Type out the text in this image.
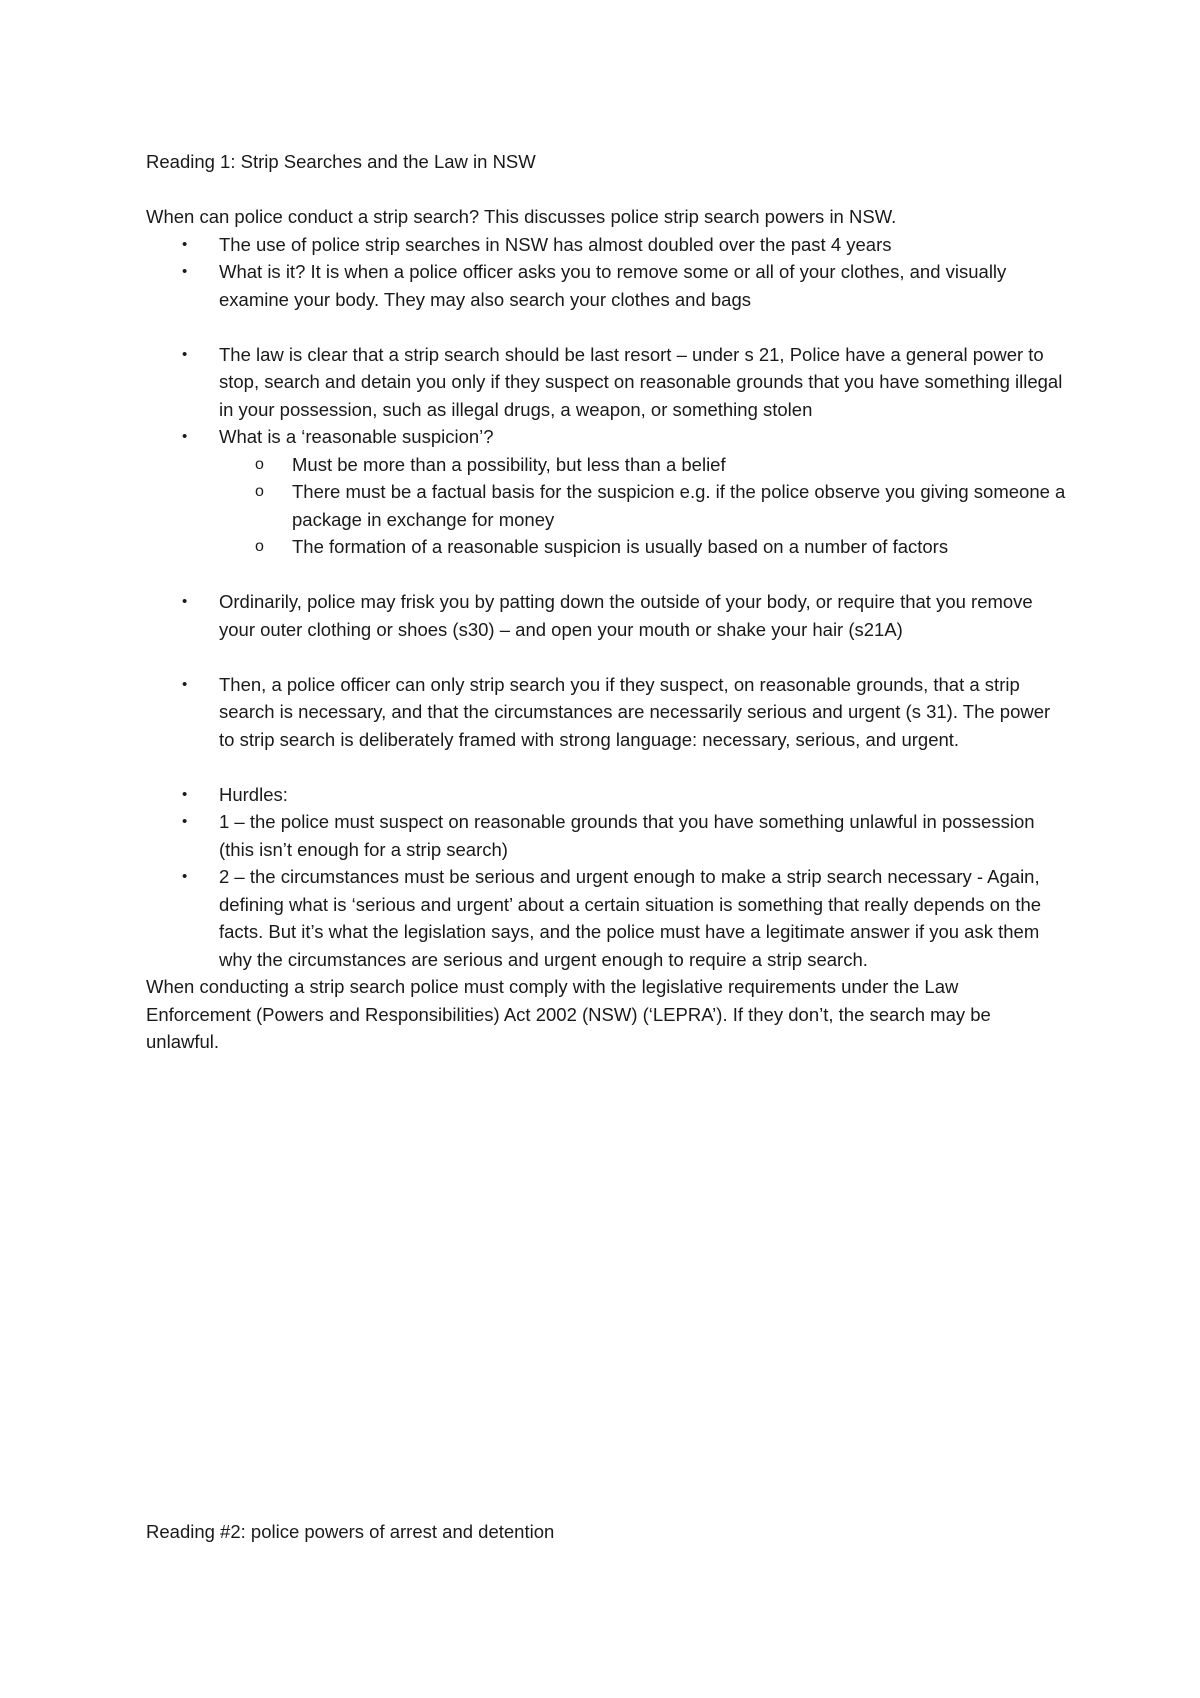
Reading 1: Strip Searches and the Law in NSW

When can police conduct a strip search? This discusses police strip search powers in NSW.

• The use of police strip searches in NSW has almost doubled over the past 4 years
• What is it? It is when a police officer asks you to remove some or all of your clothes, and visually examine your body. They may also search your clothes and bags
• The law is clear that a strip search should be last resort – under s 21, Police have a general power to stop, search and detain you only if they suspect on reasonable grounds that you have something illegal in your possession, such as illegal drugs, a weapon, or something stolen
• What is a ‘reasonable suspicion’?
o Must be more than a possibility, but less than a belief
o There must be a factual basis for the suspicion e.g. if the police observe you giving someone a package in exchange for money
o The formation of a reasonable suspicion is usually based on a number of factors
• Ordinarily, police may frisk you by patting down the outside of your body, or require that you remove your outer clothing or shoes (s30) – and open your mouth or shake your hair (s21A)
• Then, a police officer can only strip search you if they suspect, on reasonable grounds, that a strip search is necessary, and that the circumstances are necessarily serious and urgent (s 31). The power to strip search is deliberately framed with strong language: necessary, serious, and urgent.
• Hurdles:
• 1 – the police must suspect on reasonable grounds that you have something unlawful in possession (this isn’t enough for a strip search)
• 2 – the circumstances must be serious and urgent enough to make a strip search necessary - Again, defining what is ‘serious and urgent’ about a certain situation is something that really depends on the facts. But it’s what the legislation says, and the police must have a legitimate answer if you ask them why the circumstances are serious and urgent enough to require a strip search.

When conducting a strip search police must comply with the legislative requirements under the Law Enforcement (Powers and Responsibilities) Act 2002 (NSW) (‘LEPRA’). If they don’t, the search may be unlawful.

Reading #2: police powers of arrest and detention
